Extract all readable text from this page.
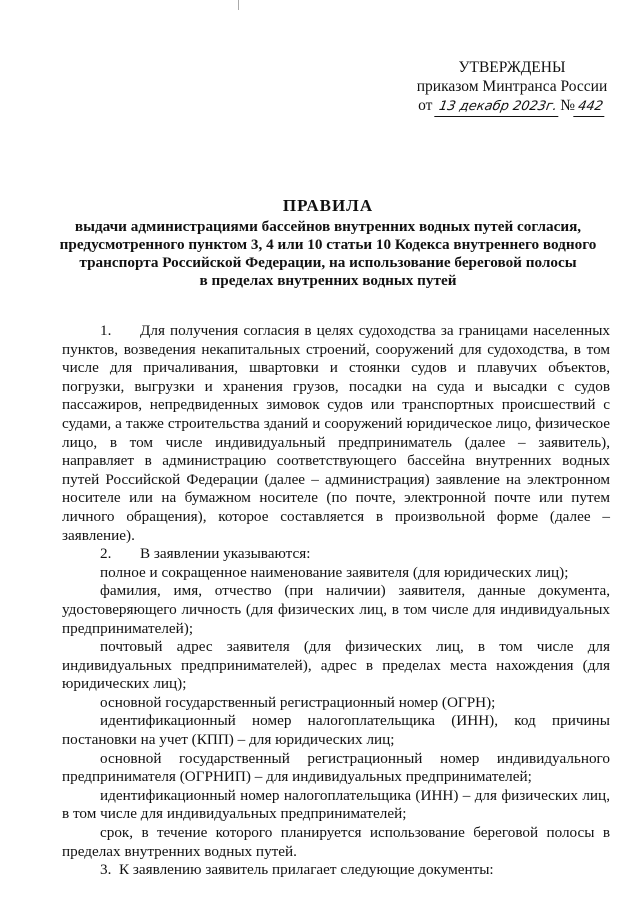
УТВЕРЖДЕНЫ
приказом Минтранса России
от
13 декабр 2023г. № 442
ПРАВИЛА
выдачи администрациями бассейнов внутренних водных путей согласия,
предусмотренного пунктом 3, 4 или 10 статьи 10 Кодекса внутреннего водного
транспорта Российской Федерации, на использование береговой полосы
в пределах внутренних водных путей

1. Для получения согласия в целях судоходства за границами населенных пунктов, возведения некапитальных строений, сооружений для судоходства, в том числе для причаливания, швартовки и стоянки судов и плавучих объектов, погрузки, выгрузки и хранения грузов, посадки на суда и высадки с судов пассажиров, непредвиденных зимовок судов или транспортных происшествий с судами, а также строительства зданий и сооружений юридическое лицо, физическое лицо, в том числе индивидуальный предприниматель (далее – заявитель), направляет в администрацию соответствующего бассейна внутренних водных путей Российской Федерации (далее – администрация) заявление на электронном носителе или на бумажном носителе (по почте, электронной почте или путем личного обращения), которое составляется в произвольной форме (далее – заявление).

2. В заявлении указываются:

полное и сокращенное наименование заявителя (для юридических лиц);

фамилия, имя, отчество (при наличии) заявителя, данные документа, удостоверяющего личность (для физических лиц, в том числе для индивидуальных предпринимателей);

почтовый адрес заявителя (для физических лиц, в том числе для индивидуальных предпринимателей), адрес в пределах места нахождения (для юридических лиц);

основной государственный регистрационный номер (ОГРН);

идентификационный номер налогоплательщика (ИНН), код причины постановки на учет (КПП) – для юридических лиц;

основной государственный регистрационный номер индивидуального предпринимателя (ОГРНИП) – для индивидуальных предпринимателей;

идентификационный номер налогоплательщика (ИНН) – для физических лиц, в том числе для индивидуальных предпринимателей;

срок, в течение которого планируется использование береговой полосы в пределах внутренних водных путей.

3. К заявлению заявитель прилагает следующие документы:
